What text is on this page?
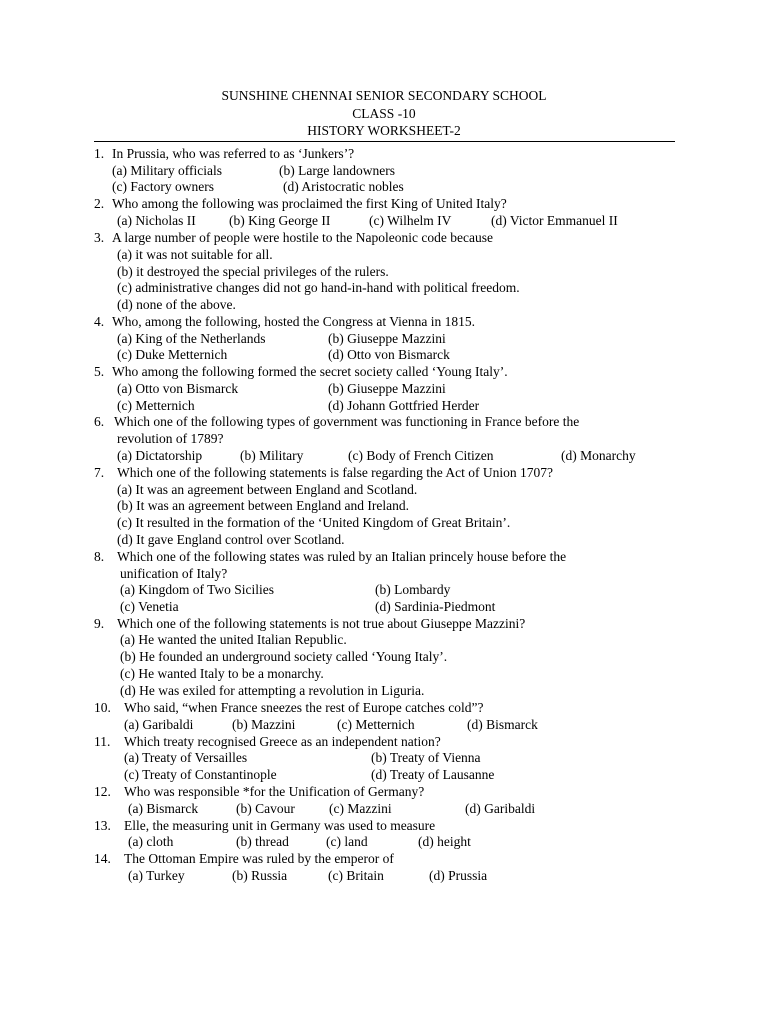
SUNSHINE CHENNAI SENIOR SECONDARY SCHOOL
CLASS -10
HISTORY WORKSHEET-2
1. In Prussia, who was referred to as ‘Junkers’?
(a) Military officials	(b) Large landowners
(c) Factory owners	(d) Aristocratic nobles
2. Who among the following was proclaimed the first King of United Italy?
(a) Nicholas II (b) King George II	(c) Wilhelm IV	(d) Victor Emmanuel II
3. A large number of people were hostile to the Napoleonic code because
(a) it was not suitable for all.
(b) it destroyed the special privileges of the rulers.
(c) administrative changes did not go hand-in-hand with political freedom.
(d) none of the above.
4. Who, among the following, hosted the Congress at Vienna in 1815.
(a) King of the Netherlands	(b) Giuseppe Mazzini
(c) Duke Metternich	(d) Otto von Bismarck
5. Who among the following formed the secret society called ‘Young Italy’.
(a) Otto von Bismarck	(b) Giuseppe Mazzini
(c) Metternich	(d) Johann Gottfried Herder
6. Which one of the following types of government was functioning in France before the
revolution of 1789?
(a) Dictatorship	(b) Military	(c) Body of French Citizen	(d) Monarchy
7. Which one of the following statements is false regarding the Act of Union 1707?
(a) It was an agreement between England and Scotland.
(b) It was an agreement between England and Ireland.
(c) It resulted in the formation of the ‘United Kingdom of Great Britain’.
(d) It gave England control over Scotland.
8. Which one of the following states was ruled by an Italian princely house before the
unification of Italy?
(a) Kingdom of Two Sicilies	(b) Lombardy
(c) Venetia	(d) Sardinia-Piedmont
9. Which one of the following statements is not true about Giuseppe Mazzini?
(a) He wanted the united Italian Republic.
(b) He founded an underground society called ‘Young Italy’.
(c) He wanted Italy to be a monarchy.
(d) He was exiled for attempting a revolution in Liguria.
10. Who said, “when France sneezes the rest of Europe catches cold”?
(a) Garibaldi	(b) Mazzini	(c) Metternich	(d) Bismarck
11. Which treaty recognised Greece as an independent nation?
(a) Treaty of Versailles	(b) Treaty of Vienna
(c) Treaty of Constantinople	(d) Treaty of Lausanne
12. Who was responsible *for the Unification of Germany?
(a) Bismarck	(b) Cavour	(c) Mazzini	(d) Garibaldi
13. Elle, the measuring unit in Germany was used to measure
(a) cloth	(b) thread	(c) land	(d) height
14. The Ottoman Empire was ruled by the emperor of
(a) Turkey	(b) Russia	(c) Britain	(d) Prussia
